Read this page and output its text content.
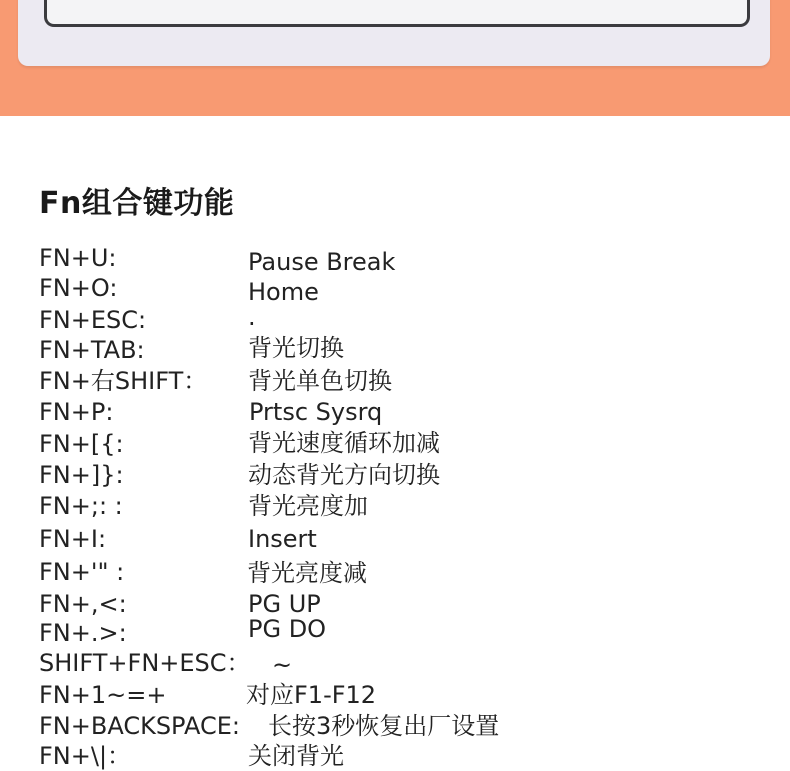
Fn组合键功能
FN+U:	Pause Break
FN+O:	Home
FN+ESC:	.
FN+TAB:	背光切换
FN+右SHIFT： 背光单色切换
FN+P:	Prtsc Sysrq
FN+[{:	背光速度循环加减
FN+]}:	动态背光方向切换
FN+;: :	背光亮度加
FN+I:	Insert
FN+'" :	背光亮度减
FN+,<:	PG UP
FN+.>:	PG DO
SHIFT+FN+ESC： ~
FN+1~=+	对应F1-F12
FN+BACKSPACE: 长按3秒恢复出厂设置
FN+\|：	关闭背光
